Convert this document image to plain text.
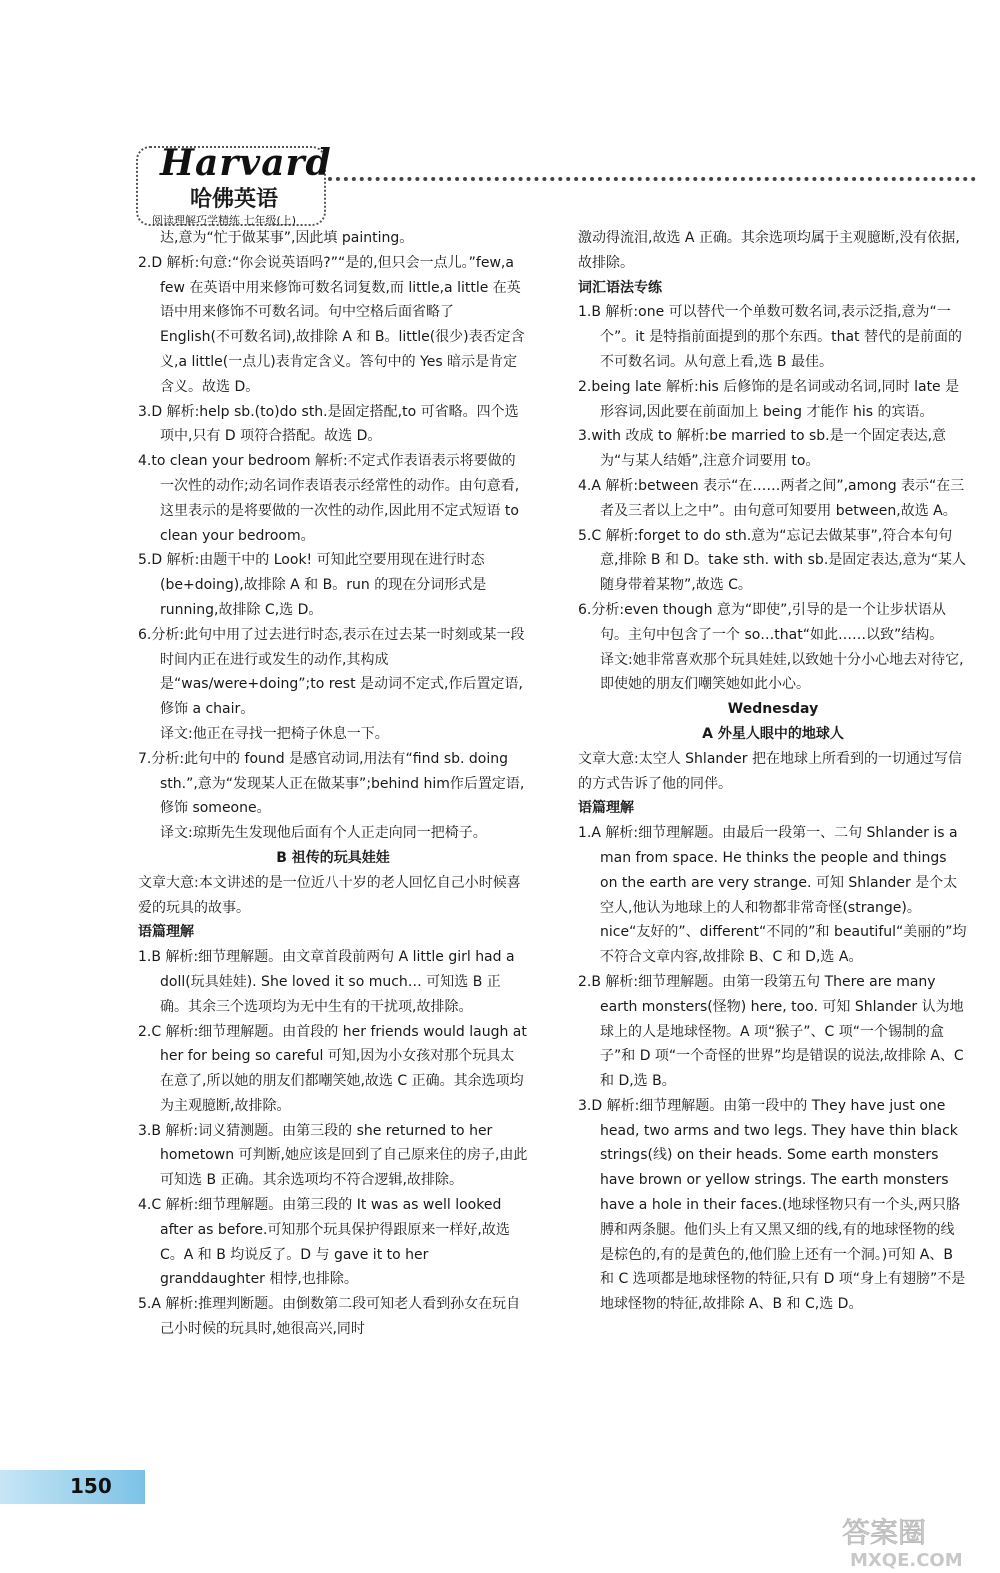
Harvard
哈佛英语
阅读理解巧学精练 七年级(上)

达,意为“忙于做某事”,因此填 painting。

2.D 解析:句意:“你会说英语吗?”“是的,但只会一点儿。”few,a few 在英语中用来修饰可数名词复数,而 little,a little 在英语中用来修饰不可数名词。句中空格后面省略了 English(不可数名词),故排除 A 和 B。little(很少)表否定含义,a little(一点儿)表肯定含义。答句中的 Yes 暗示是肯定含义。故选 D。

3.D 解析:help sb.(to)do sth.是固定搭配,to 可省略。四个选项中,只有 D 项符合搭配。故选 D。

4.to clean your bedroom 解析:不定式作表语表示将要做的一次性的动作;动名词作表语表示经常性的动作。由句意看,这里表示的是将要做的一次性的动作,因此用不定式短语 to clean your bedroom。

5.D 解析:由题干中的 Look! 可知此空要用现在进行时态(be+doing),故排除 A 和 B。run 的现在分词形式是 running,故排除 C,选 D。

6.分析:此句中用了过去进行时态,表示在过去某一时刻或某一段时间内正在进行或发生的动作,其构成是“was/were+doing”;to rest 是动词不定式,作后置定语,修饰 a chair。

译文:他正在寻找一把椅子休息一下。

7.分析:此句中的 found 是感官动词,用法有“find sb. doing sth.”,意为“发现某人正在做某事”;behind him作后置定语,修饰 someone。

译文:琼斯先生发现他后面有个人正走向同一把椅子。

B 祖传的玩具娃娃

文章大意:本文讲述的是一位近八十岁的老人回忆自己小时候喜爱的玩具的故事。

语篇理解

1.B 解析:细节理解题。由文章首段前两句 A little girl had a doll(玩具娃娃). She loved it so much… 可知选 B 正确。其余三个选项均为无中生有的干扰项,故排除。

2.C 解析:细节理解题。由首段的 her friends would laugh at her for being so careful 可知,因为小女孩对那个玩具太在意了,所以她的朋友们都嘲笑她,故选 C 正确。其余选项均为主观臆断,故排除。

3.B 解析:词义猜测题。由第三段的 she returned to her hometown 可判断,她应该是回到了自己原来住的房子,由此可知选 B 正确。其余选项均不符合逻辑,故排除。

4.C 解析:细节理解题。由第三段的 It was as well looked after as before.可知那个玩具保护得跟原来一样好,故选 C。A 和 B 均说反了。D 与 gave it to her granddaughter 相悖,也排除。

5.A 解析:推理判断题。由倒数第二段可知老人看到孙女在玩自己小时候的玩具时,她很高兴,同时

激动得流泪,故选 A 正确。其余选项均属于主观臆断,没有依据,故排除。

词汇语法专练

1.B 解析:one 可以替代一个单数可数名词,表示泛指,意为“一个”。it 是特指前面提到的那个东西。that 替代的是前面的不可数名词。从句意上看,选 B 最佳。

2.being late 解析:his 后修饰的是名词或动名词,同时 late 是形容词,因此要在前面加上 being 才能作 his 的宾语。

3.with 改成 to 解析:be married to sb.是一个固定表达,意为“与某人结婚”,注意介词要用 to。

4.A 解析:between 表示“在……两者之间”,among 表示“在三者及三者以上之中”。由句意可知要用 between,故选 A。

5.C 解析:forget to do sth.意为“忘记去做某事”,符合本句句意,排除 B 和 D。take sth. with sb.是固定表达,意为“某人随身带着某物”,故选 C。

6.分析:even though 意为“即使”,引导的是一个让步状语从句。主句中包含了一个 so…that“如此……以致”结构。

译文:她非常喜欢那个玩具娃娃,以致她十分小心地去对待它,即使她的朋友们嘲笑她如此小心。

Wednesday

A 外星人眼中的地球人

文章大意:太空人 Shlander 把在地球上所看到的一切通过写信的方式告诉了他的同伴。

语篇理解

1.A 解析:细节理解题。由最后一段第一、二句 Shlander is a man from space. He thinks the people and things on the earth are very strange. 可知 Shlander 是个太空人,他认为地球上的人和物都非常奇怪(strange)。nice“友好的”、different“不同的”和 beautiful“美丽的”均不符合文章内容,故排除 B、C 和 D,选 A。

2.B 解析:细节理解题。由第一段第五句 There are many earth monsters(怪物) here, too. 可知 Shlander 认为地球上的人是地球怪物。A 项“猴子”、C 项“一个锡制的盒子”和 D 项“一个奇怪的世界”均是错误的说法,故排除 A、C 和 D,选 B。

3.D 解析:细节理解题。由第一段中的 They have just one head, two arms and two legs. They have thin black strings(线) on their heads. Some earth monsters have brown or yellow strings. The earth monsters have a hole in their faces.(地球怪物只有一个头,两只胳膊和两条腿。他们头上有又黑又细的线,有的地球怪物的线是棕色的,有的是黄色的,他们脸上还有一个洞。)可知 A、B 和 C 选项都是地球怪物的特征,只有 D 项“身上有翅膀”不是地球怪物的特征,故排除 A、B 和 C,选 D。

150
答案圈
MXQE.COM
